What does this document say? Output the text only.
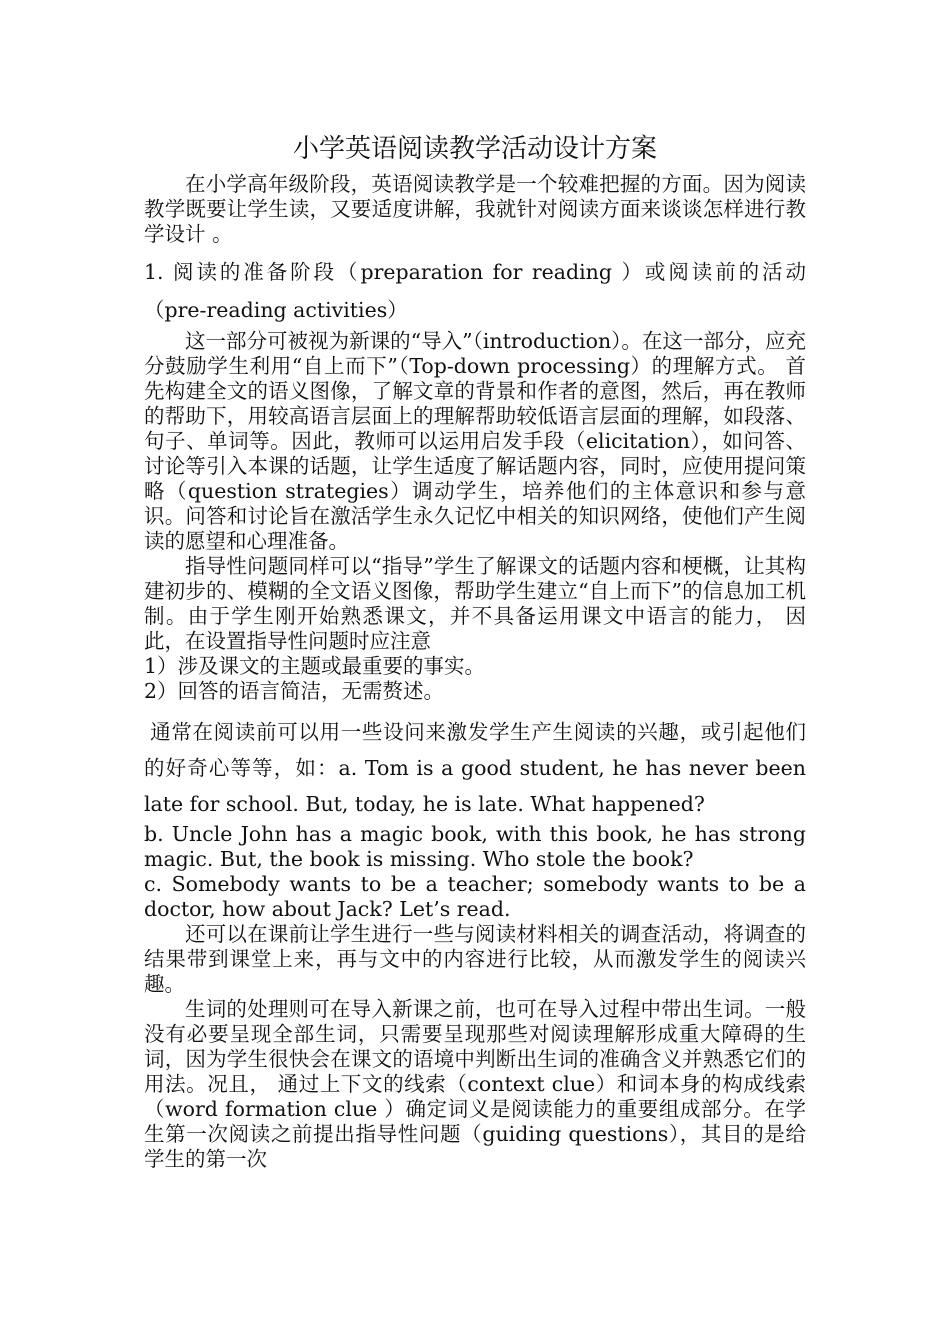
小学英语阅读教学活动设计方案

在小学高年级阶段，英语阅读教学是一个较难把握的方面。因为阅读教学既要让学生读，又要适度讲解，我就针对阅读方面来谈谈怎样进行教学设计 。

1. 阅读的准备阶段（preparation for reading ）或阅读前的活动（pre-reading activities）

这一部分可被视为新课的“导入”（introduction）。在这一部分，应充分鼓励学生利用“自上而下”（Top-down processing）的理解方式。 首先构建全文的语义图像，了解文章的背景和作者的意图，然后，再在教师的帮助下，用较高语言层面上的理解帮助较低语言层面的理解，如段落、句子、单词等。因此，教师可以运用启发手段（elicitation），如问答、讨论等引入本课的话题，让学生适度了解话题内容，同时，应使用提问策略（question strategies）调动学生，培养他们的主体意识和参与意识。问答和讨论旨在激活学生永久记忆中相关的知识网络，使他们产生阅读的愿望和心理准备。

指导性问题同样可以“指导”学生了解课文的话题内容和梗概，让其构建初步的、模糊的全文语义图像，帮助学生建立“自上而下”的信息加工机制。由于学生刚开始熟悉课文，并不具备运用课文中语言的能力， 因此，在设置指导性问题时应注意

1）涉及课文的主题或最重要的事实。

2）回答的语言简洁，无需赘述。

通常在阅读前可以用一些设问来激发学生产生阅读的兴趣，或引起他们的好奇心等等，如：a. Tom is a good student, he has never been late for school. But, today, he is late. What happened?

b. Uncle John has a magic book, with this book, he has strong magic. But, the book is missing. Who stole the book?

c. Somebody wants to be a teacher; somebody wants to be a doctor, how about Jack? Let’s read.

还可以在课前让学生进行一些与阅读材料相关的调查活动，将调查的结果带到课堂上来，再与文中的内容进行比较，从而激发学生的阅读兴趣。

生词的处理则可在导入新课之前，也可在导入过程中带出生词。一般没有必要呈现全部生词，只需要呈现那些对阅读理解形成重大障碍的生词，因为学生很快会在课文的语境中判断出生词的准确含义并熟悉它们的用法。况且， 通过上下文的线索（context clue）和词本身的构成线索（word formation clue ）确定词义是阅读能力的重要组成部分。在学生第一次阅读之前提出指导性问题（guiding questions），其目的是给学生的第一次
